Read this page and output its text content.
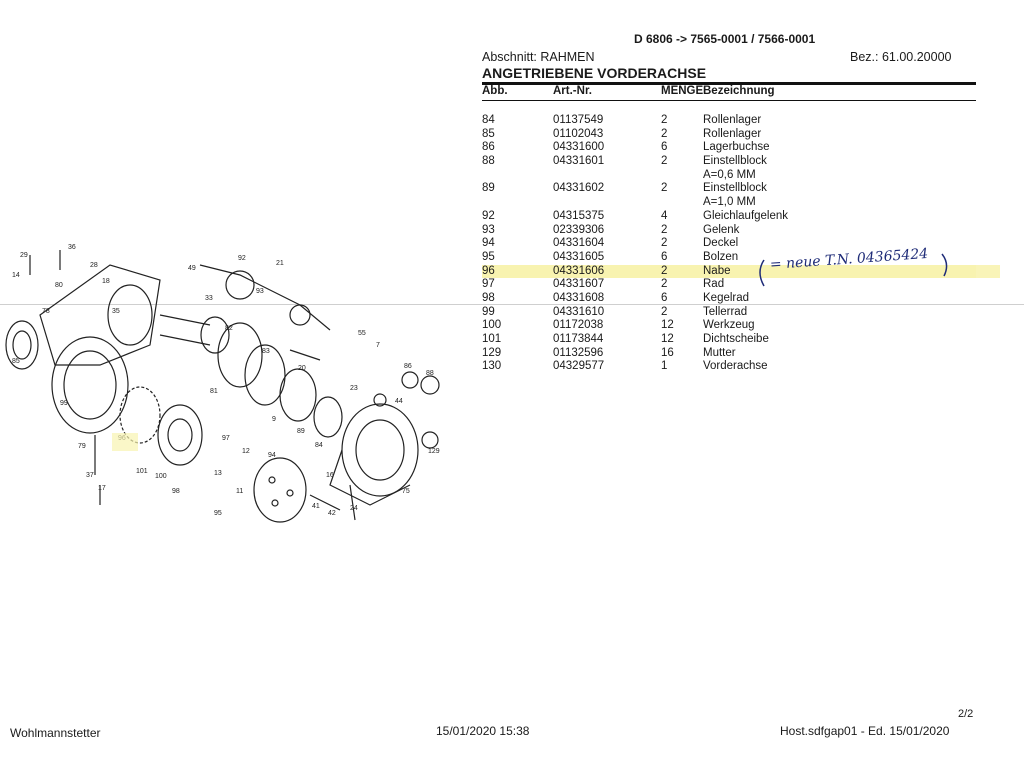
D 6806 -> 7565-0001 / 7566-0001
Abschnitt: RAHMEN	Bez.: 61.00.20000
ANGETRIEBENE VORDERACHSE
Abb.	Art.-Nr.	MENGE Bezeichnung
84	01137549	2	Rollenlager
85	01102043	2	Rollenlager
86	04331600	6	Lagerbuchse
88	04331601	2	Einstellblock
A=0,6 MM
89	04331602	2	Einstellblock
A=1,0 MM
92	04315375	4	Gleichlaufgelenk
93	02339306	2	Gelenk
94	04331604	2	Deckel
95	04331605	6	Bolzen
96	04331606	2	Nabe
97	04331607	2	Rad
98	04331608	6	Kegelrad
99	04331610	2	Tellerrad
100	01172038	12	Werkzeug
101	01173844	12	Dichtscheibe
129	01132596	16	Mutter
130	04329577	1	Vorderachse
= neue T.N. 04365424
29
36
14
28
18
80
78
85
99
35
17
79
37
49
92
21
33
93
82
83
20
81
9
89
84
55
7
86
88
23
44
12
97
13
94
101
100
98	11
95
41
42
16
24
75
129
2/2
Wohlmannstetter	15/01/2020 15:38	Host.sdfgap01 - Ed. 15/01/2020
